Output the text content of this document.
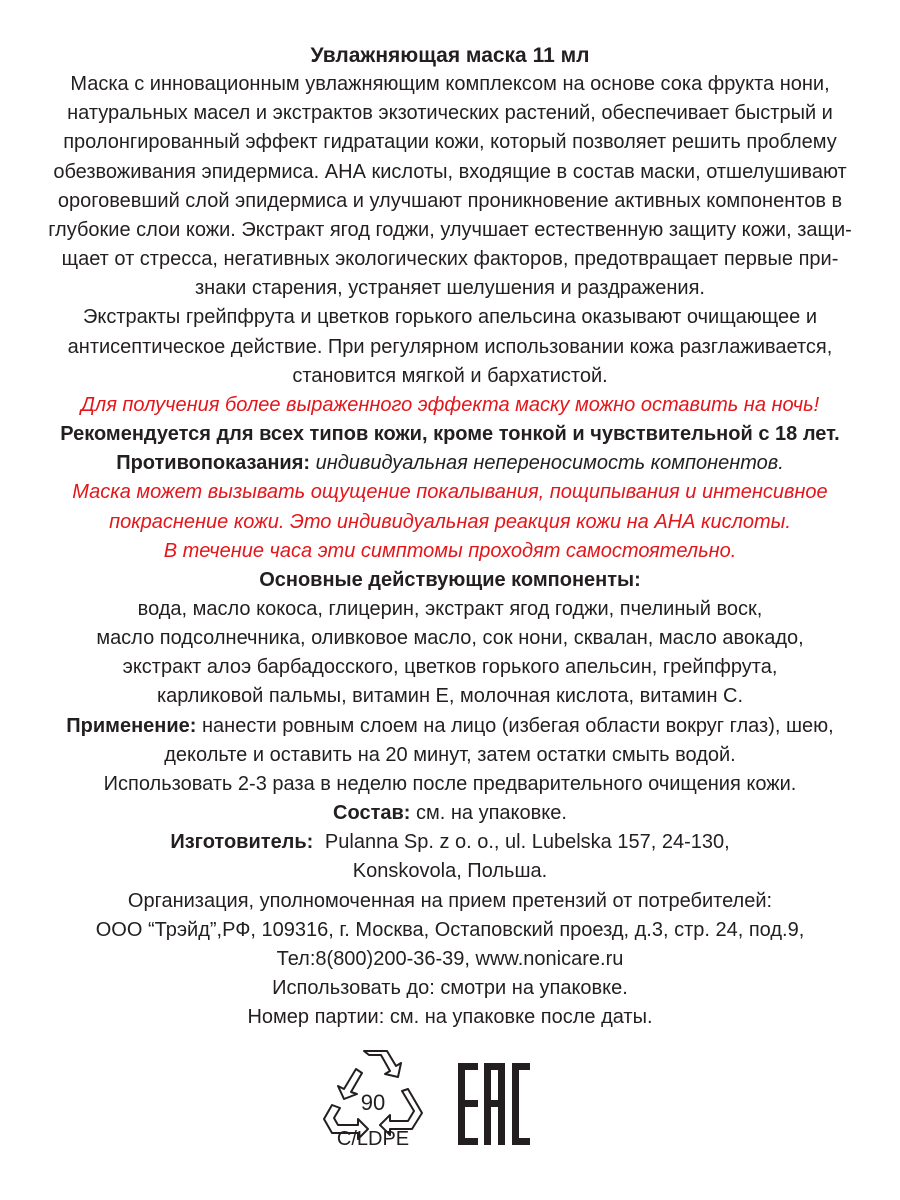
Увлажняющая маска 11 мл
Маска с инновационным увлажняющим комплексом на основе сока фрукта нони,
натуральных масел и экстрактов экзотических растений, обеспечивает быстрый и
пролонгированный эффект гидратации кожи, который позволяет решить проблему
обезвоживания эпидермиса. АНА кислоты, входящие в состав маски, отшелушивают
ороговевший слой эпидермиса и улучшают проникновение активных компонентов в
глубокие слои кожи. Экстракт ягод годжи, улучшает естественную защиту кожи, защи-
щает от стресса, негативных экологических факторов, предотвращает первые при-
знаки старения, устраняет шелушения и раздражения.
Экстракты грейпфрута и цветков горького апельсина оказывают очищающее и
антисептическое действие. При регулярном использовании кожа разглаживается,
становится мягкой и бархатистой.
Для получения более выраженного эффекта маску можно оставить на ночь!
Рекомендуется для всех типов кожи, кроме тонкой и чувствительной с 18 лет.
Противопоказания: индивидуальная непереносимость компонентов.
Маска может вызывать ощущение покалывания, пощипывания и интенсивное
покраснение кожи. Это индивидуальная реакция кожи на АНА кислоты.
В течение часа эти симптомы проходят самостоятельно.
Основные действующие компоненты:
вода, масло кокоса, глицерин, экстракт ягод годжи, пчелиный воск,
масло подсолнечника, оливковое масло, сок нони, сквалан, масло авокадо,
экстракт алоэ барбадосского, цветков горького апельсин, грейпфрута,
карликовой пальмы, витамин Е, молочная кислота, витамин С.
Применение: нанести ровным слоем на лицо (избегая области вокруг глаз), шею,
декольте и оставить на 20 минут, затем остатки смыть водой.
Использовать 2-3 раза в неделю после предварительного очищения кожи.
Состав: см. на упаковке.
Изготовитель: Pulanna Sp. z o. o., ul. Lubelska 157, 24-130,
Konskovola, Польша.
Организация, уполномоченная на прием претензий от потребителей:
ООО “Трэйд”,РФ, 109316, г. Москва, Остаповский проезд, д.3, стр. 24, под.9,
Тел:8(800)200-36-39, www.nonicare.ru
Использовать до: смотри на упаковке.
Номер партии: см. на упаковке после даты.
90
C/LDPE
